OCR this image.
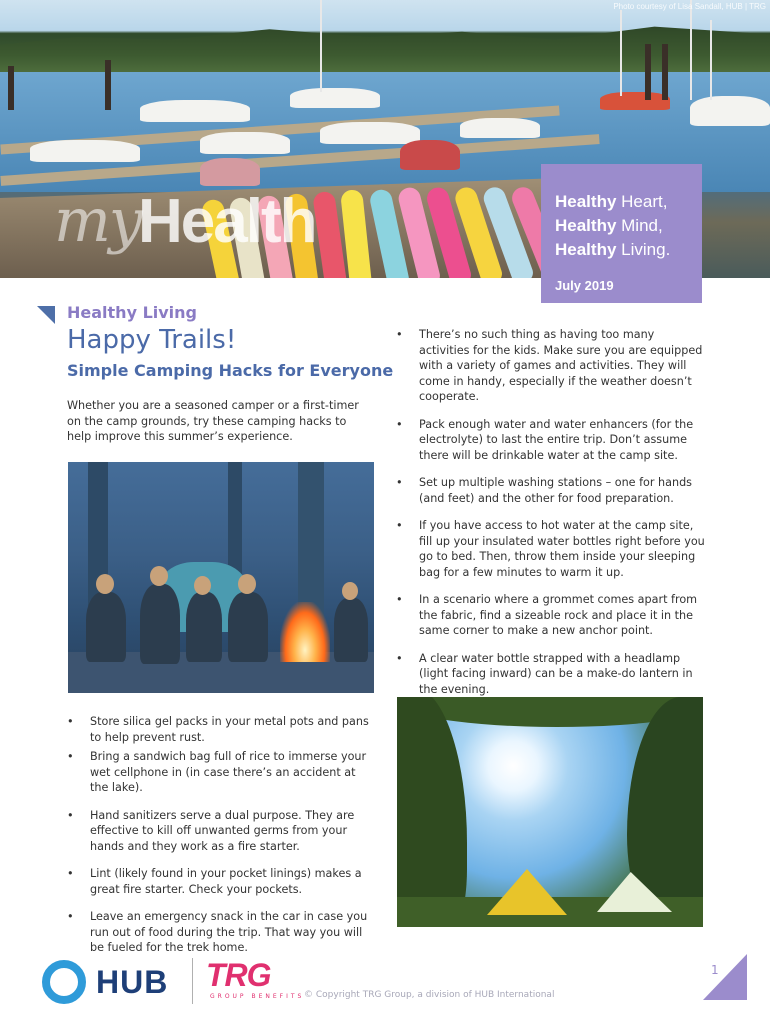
Photo courtesy of Lisa Sandall, HUB | TRG
my
Health	Healthy Heart,
Healthy Mind,
Healthy Living.
July 2019
Healthy Living
Happy Trails!
Simple Camping Hacks for Everyone

Whether you are a seasoned camper or a first-timer on the camp grounds, try these camping hacks to help improve this summer’s experience.

• Store silica gel packs in your metal pots and pans to help prevent rust.
• Bring a sandwich bag full of rice to immerse your wet cellphone in (in case there’s an accident at the lake).
• Hand sanitizers serve a dual purpose. They are effective to kill off unwanted germs from your hands and they work as a fire starter.
• Lint (likely found in your pocket linings) makes a great fire starter. Check your pockets.
• Leave an emergency snack in the car in case you run out of food during the trip. That way you will be fueled for the trek home.
• There’s no such thing as having too many activities for the kids. Make sure you are equipped with a variety of games and activities. They will come in handy, especially if the weather doesn’t cooperate.
• Pack enough water and water enhancers (for the electrolyte) to last the entire trip. Don’t assume there will be drinkable water at the camp site.
• Set up multiple washing stations – one for hands (and feet) and the other for food preparation.
• If you have access to hot water at the camp site, fill up your insulated water bottles right before you go to bed. Then, throw them inside your sleeping bag for a few minutes to warm it up.
• In a scenario where a grommet comes apart from the fabric, find a sizeable rock and place it in the same corner to make a new anchor point.
• A clear water bottle strapped with a headlamp (light facing inward) can be a make-do lantern in the evening.
HUB TRG
GROUP BENEFITS © Copyright TRG Group, a division of HUB International
1
